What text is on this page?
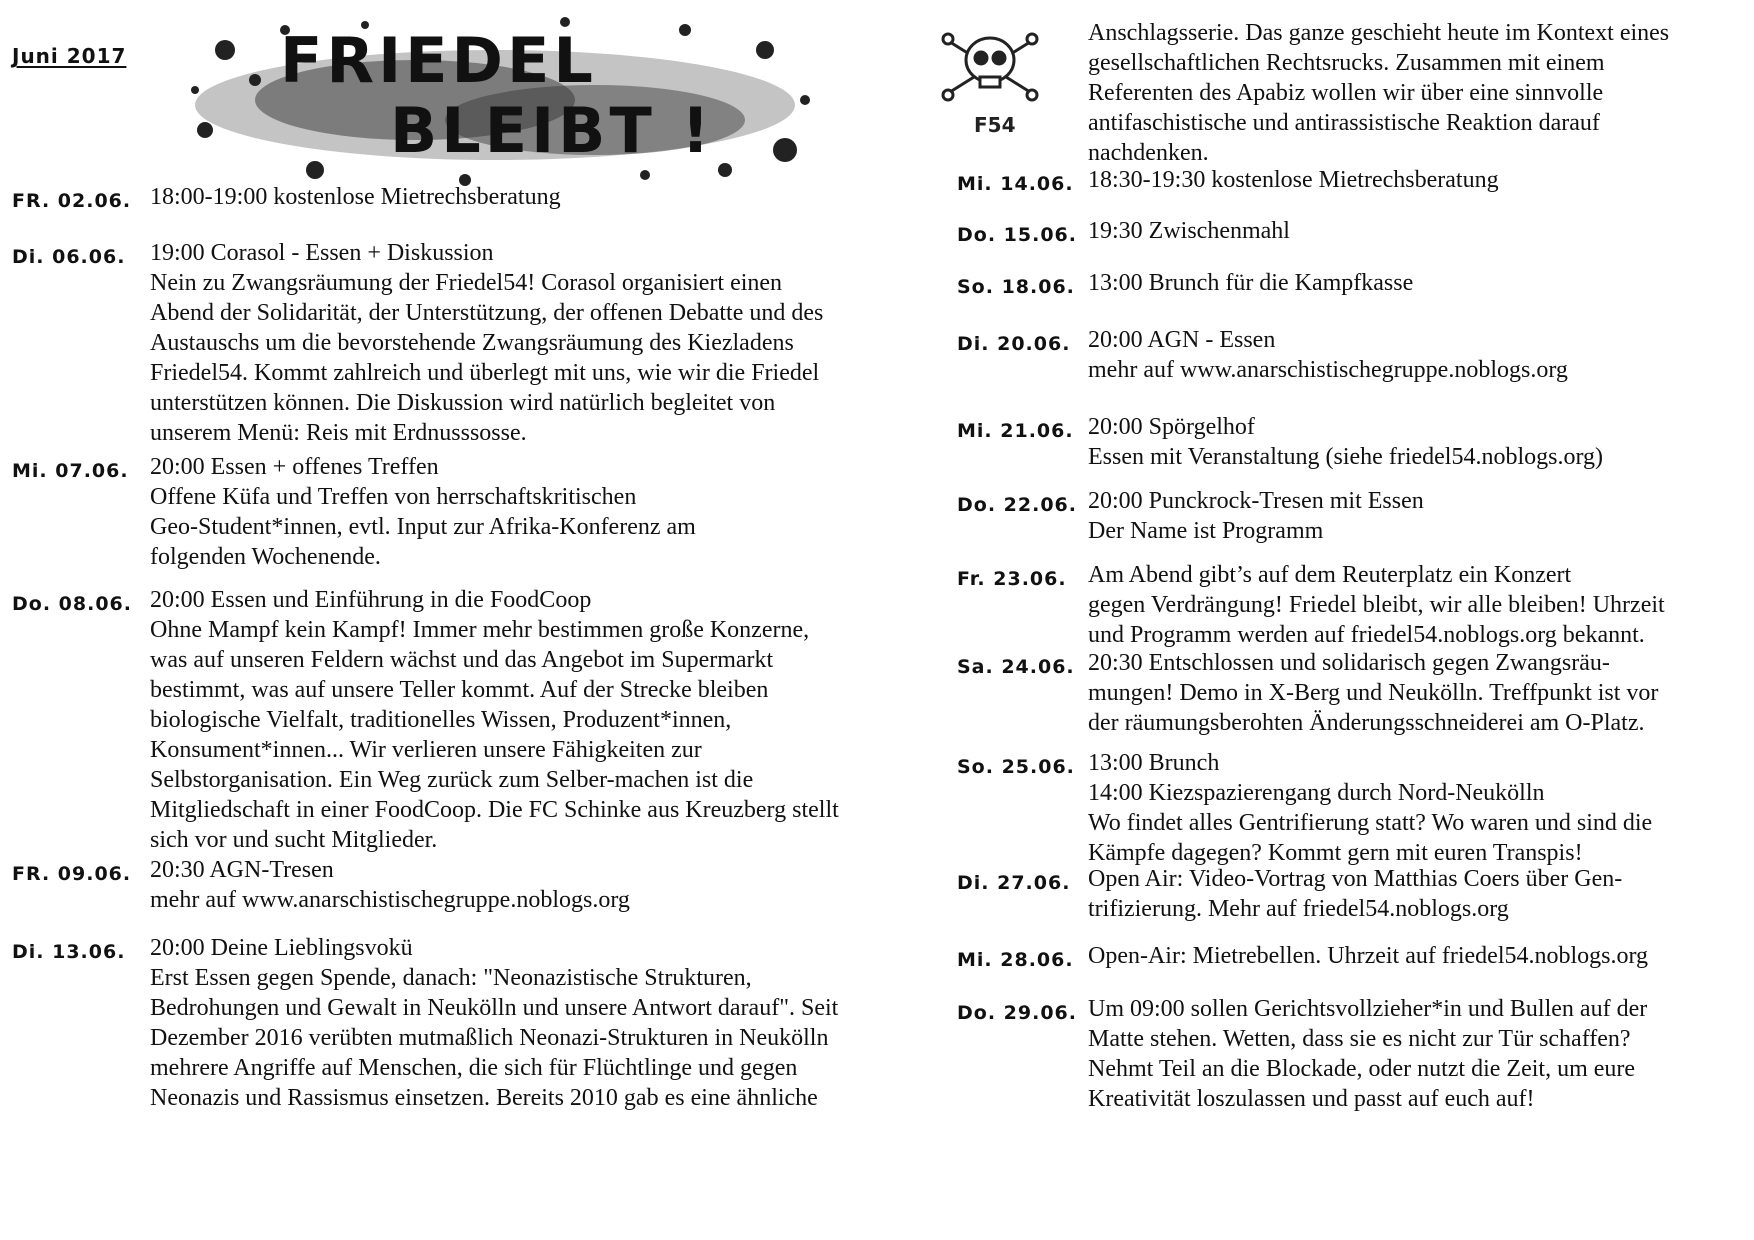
Juni 2017 FRIEDEL
BLEIBT !	F54
Anschlagsserie. Das ganze geschieht heute im Kontext eines
gesellschaftlichen Rechtsrucks. Zusammen mit einem
Referenten des Apabiz wollen wir über eine sinnvolle
antifaschistische und antirassistische Reaktion darauf
nachdenken.
FR. 02.06. 18:00-19:00 kostenlose Mietrechsberatung
Di. 06.06. 19:00 Corasol - Essen + Diskussion
Nein zu Zwangsräumung der Friedel54! Corasol organisiert einen
Abend der Solidarität, der Unterstützung, der offenen Debatte und des
Austauschs um die bevorstehende Zwangsräumung des Kiezladens
Friedel54. Kommt zahlreich und überlegt mit uns, wie wir die Friedel
unterstützen können. Die Diskussion wird natürlich begleitet von
unserem Menü: Reis mit Erdnusssosse.
Mi. 07.06. 20:00 Essen + offenes Treffen
Offene Küfa und Treffen von herrschaftskritischen
Geo-Student*innen, evtl. Input zur Afrika-Konferenz am
folgenden Wochenende.
Do. 08.06. 20:00 Essen und Einführung in die FoodCoop
Ohne Mampf kein Kampf! Immer mehr bestimmen große Konzerne,
was auf unseren Feldern wächst und das Angebot im Supermarkt
bestimmt, was auf unsere Teller kommt. Auf der Strecke bleiben
biologische Vielfalt, traditionelles Wissen, Produzent*innen,
Konsument*innen... Wir verlieren unsere Fähigkeiten zur
Selbstorganisation. Ein Weg zurück zum Selber-machen ist die
Mitgliedschaft in einer FoodCoop. Die FC Schinke aus Kreuzberg stellt
sich vor und sucht Mitglieder.
FR. 09.06. 20:30 AGN-Tresen
mehr auf www.anarschistischegruppe.noblogs.org
Di. 13.06. 20:00 Deine Lieblingsvokü
Erst Essen gegen Spende, danach: "Neonazistische Strukturen,
Bedrohungen und Gewalt in Neukölln und unsere Antwort darauf". Seit
Dezember 2016 verübten mutmaßlich Neonazi-Strukturen in Neukölln
mehrere Angriffe auf Menschen, die sich für Flüchtlinge und gegen
Neonazis und Rassismus einsetzen. Bereits 2010 gab es eine ähnliche
Mi. 14.06. 18:30-19:30 kostenlose Mietrechsberatung
Do. 15.06. 19:30 Zwischenmahl
So. 18.06. 13:00 Brunch für die Kampfkasse
Di. 20.06. 20:00 AGN - Essen
mehr auf www.anarschistischegruppe.noblogs.org
Mi. 21.06. 20:00 Spörgelhof
Essen mit Veranstaltung (siehe friedel54.noblogs.org)
Do. 22.06. 20:00 Punckrock-Tresen mit Essen
Der Name ist Programm
Fr. 23.06. Am Abend gibt’s auf dem Reuterplatz ein Konzert
gegen Verdrängung! Friedel bleibt, wir alle bleiben! Uhrzeit
und Programm werden auf friedel54.noblogs.org bekannt.
Sa. 24.06. 20:30 Entschlossen und solidarisch gegen Zwangsräu-
mungen! Demo in X-Berg und Neukölln. Treffpunkt ist vor
der räumungsberohten Änderungsschneiderei am O-Platz.
So. 25.06. 13:00 Brunch
14:00 Kiezspazierengang durch Nord-Neukölln
Wo findet alles Gentrifierung statt? Wo waren und sind die
Kämpfe dagegen? Kommt gern mit euren Transpis!
Di. 27.06. Open Air: Video-Vortrag von Matthias Coers über Gen-
trifizierung. Mehr auf friedel54.noblogs.org
Mi. 28.06. Open-Air: Mietrebellen. Uhrzeit auf friedel54.noblogs.org
Do. 29.06. Um 09:00 sollen Gerichtsvollzieher*in und Bullen auf der
Matte stehen. Wetten, dass sie es nicht zur Tür schaffen?
Nehmt Teil an die Blockade, oder nutzt die Zeit, um eure
Kreativität loszulassen und passt auf euch auf!
